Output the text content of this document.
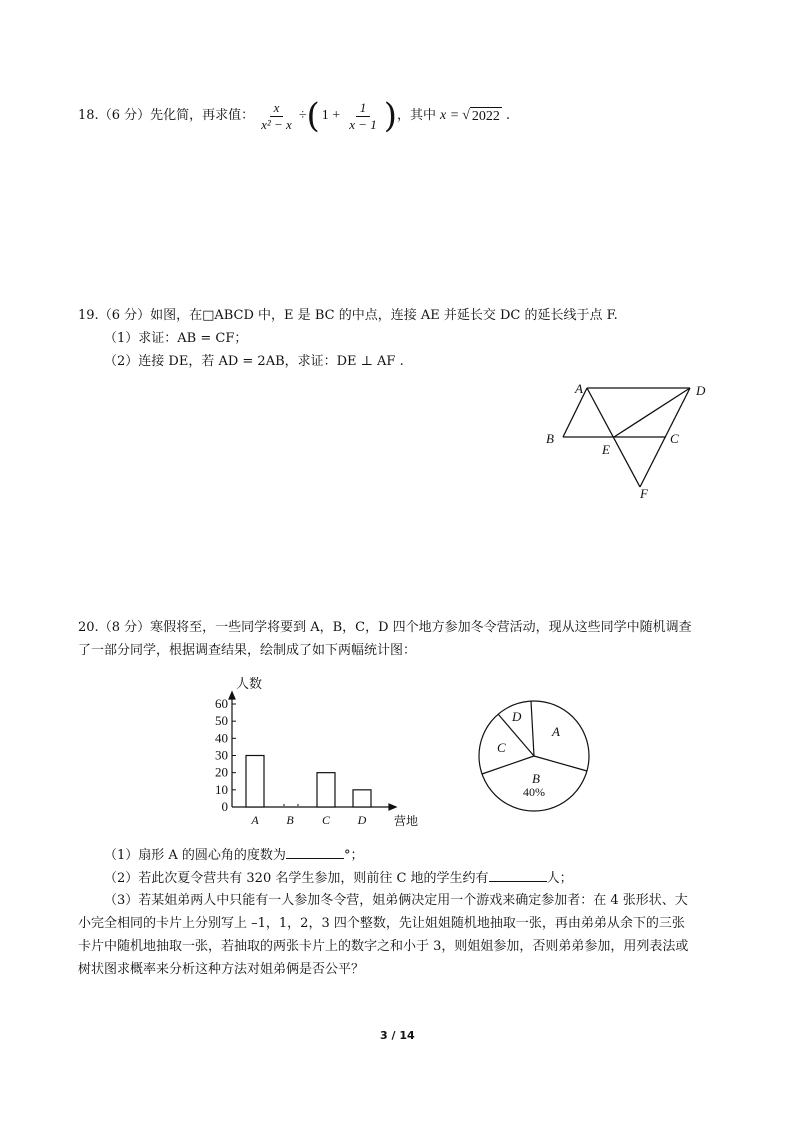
18. （6 分） 先化简，再求值： $\frac{x}{\text{x² − x}}$ ÷ ( $1 + \frac{1}{x - 1}$ ) ，其中 x = √ 2022 .
19.（6 分）如图，在□ABCD 中，E 是 BC 的中点，连接 AE 并延长交 DC 的延长线于点 F.
（1）求证：AB = CF；
（2）连接 DE，若 AD = 2AB，求证：DE ⊥ AF .
A	D
B	C
E
F
20.（8 分）寒假将至，一些同学将要到 A，B，C，D 四个地方参加冬令营活动，现从这些同学中随机调查
了一部分同学，根据调查结果，绘制成了如下两幅统计图：
0
10
20
30
40
50
60
A B C D
人数
营地
A
B
C
D
40%
（1）扇形 A 的圆心角的度数为	°；
（2）若此次夏令营共有 320 名学生参加，则前往 C 地的学生约有	人；
（3）若某姐弟两人中只能有一人参加冬令营，姐弟俩决定用一个游戏来确定参加者：在 4 张形状、大
小完全相同的卡片上分别写上 –1，1，2，3 四个整数，先让姐姐随机地抽取一张，再由弟弟从余下的三张
卡片中随机地抽取一张，若抽取的两张卡片上的数字之和小于 3，则姐姐参加，否则弟弟参加，用列表法或
树状图求概率来分析这种方法对姐弟俩是否公平？
3 / 14
